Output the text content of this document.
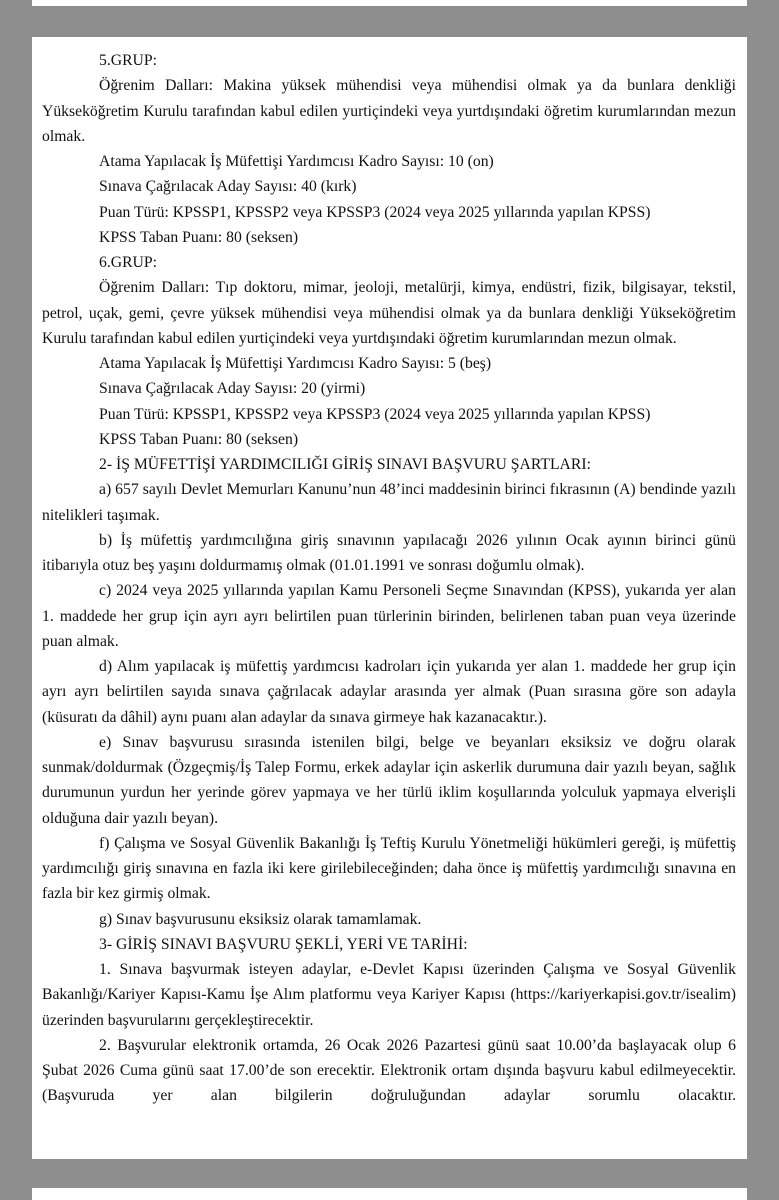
5.GRUP:

Öğrenim Dalları: Makina yüksek mühendisi veya mühendisi olmak ya da bunlara denkliği Yükseköğretim Kurulu tarafından kabul edilen yurtiçindeki veya yurtdışındaki öğretim kurumlarından mezun olmak.

Atama Yapılacak İş Müfettişi Yardımcısı Kadro Sayısı: 10 (on)

Sınava Çağrılacak Aday Sayısı: 40 (kırk)

Puan Türü: KPSSP1, KPSSP2 veya KPSSP3 (2024 veya 2025 yıllarında yapılan KPSS)

KPSS Taban Puanı: 80 (seksen)

6.GRUP:

Öğrenim Dalları: Tıp doktoru, mimar, jeoloji, metalürji, kimya, endüstri, fizik, bilgisayar, tekstil, petrol, uçak, gemi, çevre yüksek mühendisi veya mühendisi olmak ya da bunlara denkliği Yükseköğretim Kurulu tarafından kabul edilen yurtiçindeki veya yurtdışındaki öğretim kurumlarından mezun olmak.

Atama Yapılacak İş Müfettişi Yardımcısı Kadro Sayısı: 5 (beş)

Sınava Çağrılacak Aday Sayısı: 20 (yirmi)

Puan Türü: KPSSP1, KPSSP2 veya KPSSP3 (2024 veya 2025 yıllarında yapılan KPSS)

KPSS Taban Puanı: 80 (seksen)

2- İŞ MÜFETTİŞİ YARDIMCILIĞI GİRİŞ SINAVI BAŞVURU ŞARTLARI:

a) 657 sayılı Devlet Memurları Kanunu’nun 48’inci maddesinin birinci fıkrasının (A) bendinde yazılı nitelikleri taşımak.

b) İş müfettiş yardımcılığına giriş sınavının yapılacağı 2026 yılının Ocak ayının birinci günü itibarıyla otuz beş yaşını doldurmamış olmak (01.01.1991 ve sonrası doğumlu olmak).

c) 2024 veya 2025 yıllarında yapılan Kamu Personeli Seçme Sınavından (KPSS), yukarıda yer alan 1. maddede her grup için ayrı ayrı belirtilen puan türlerinin birinden, belirlenen taban puan veya üzerinde puan almak.

d) Alım yapılacak iş müfettiş yardımcısı kadroları için yukarıda yer alan 1. maddede her grup için ayrı ayrı belirtilen sayıda sınava çağrılacak adaylar arasında yer almak (Puan sırasına göre son adayla (küsuratı da dâhil) aynı puanı alan adaylar da sınava girmeye hak kazanacaktır.).

e) Sınav başvurusu sırasında istenilen bilgi, belge ve beyanları eksiksiz ve doğru olarak sunmak/doldurmak (Özgeçmiş/İş Talep Formu, erkek adaylar için askerlik durumuna dair yazılı beyan, sağlık durumunun yurdun her yerinde görev yapmaya ve her türlü iklim koşullarında yolculuk yapmaya elverişli olduğuna dair yazılı beyan).

f) Çalışma ve Sosyal Güvenlik Bakanlığı İş Teftiş Kurulu Yönetmeliği hükümleri gereği, iş müfettiş yardımcılığı giriş sınavına en fazla iki kere girilebileceğinden; daha önce iş müfettiş yardımcılığı sınavına en fazla bir kez girmiş olmak.

g) Sınav başvurusunu eksiksiz olarak tamamlamak.

3- GİRİŞ SINAVI BAŞVURU ŞEKLİ, YERİ VE TARİHİ:

1. Sınava başvurmak isteyen adaylar, e-Devlet Kapısı üzerinden Çalışma ve Sosyal Güvenlik Bakanlığı/Kariyer Kapısı-Kamu İşe Alım platformu veya Kariyer Kapısı (https://kariyerkapisi.gov.tr/isealim) üzerinden başvurularını gerçekleştirecektir.

2. Başvurular elektronik ortamda, 26 Ocak 2026 Pazartesi günü saat 10.00’da başlayacak olup 6 Şubat 2026 Cuma günü saat 17.00’de son erecektir. Elektronik ortam dışında başvuru kabul edilmeyecektir. (Başvuruda yer alan bilgilerin doğruluğundan adaylar sorumlu olacaktır.
